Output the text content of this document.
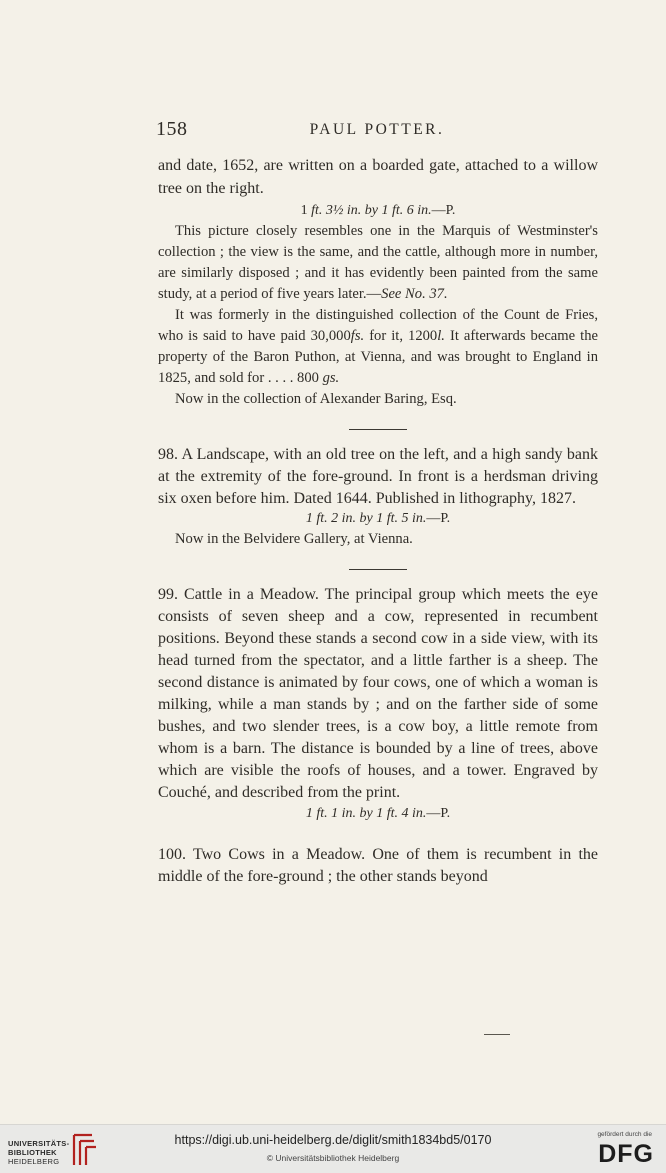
158	PAUL POTTER.

and date, 1652, are written on a boarded gate, attached to a willow tree on the right.

1 ft. 3½ in. by 1 ft. 6 in.—P.

This picture closely resembles one in the Marquis of Westminster's collection ; the view is the same, and the cattle, although more in number, are similarly disposed ; and it has evidently been painted from the same study, at a period of five years later.—See No. 37.

It was formerly in the distinguished collection of the Count de Fries, who is said to have paid 30,000fs. for it, 1200l. It afterwards became the property of the Baron Puthon, at Vienna, and was brought to England in 1825, and sold for . . . . 800 gs.

Now in the collection of Alexander Baring, Esq.

98. A Landscape, with an old tree on the left, and a high sandy bank at the extremity of the fore-ground. In front is a herdsman driving six oxen before him. Dated 1644. Published in lithography, 1827.

1 ft. 2 in. by 1 ft. 5 in.—P.

Now in the Belvidere Gallery, at Vienna.

99. Cattle in a Meadow. The principal group which meets the eye consists of seven sheep and a cow, represented in recumbent positions. Beyond these stands a second cow in a side view, with its head turned from the spectator, and a little farther is a sheep. The second distance is animated by four cows, one of which a woman is milking, while a man stands by ; and on the farther side of some bushes, and two slender trees, is a cow boy, a little remote from whom is a barn. The distance is bounded by a line of trees, above which are visible the roofs of houses, and a tower. Engraved by Couché, and described from the print.

1 ft. 1 in. by 1 ft. 4 in.—P.

100. Two Cows in a Meadow. One of them is recumbent in the middle of the fore-ground ; the other stands beyond

UNIVERSITÄTS-
BIBLIOTHEK
HEIDELBERG
https://digi.ub.uni-heidelberg.de/diglit/smith1834bd5/0170
© Universitätsbibliothek Heidelberg
gefördert durch die
DFG
